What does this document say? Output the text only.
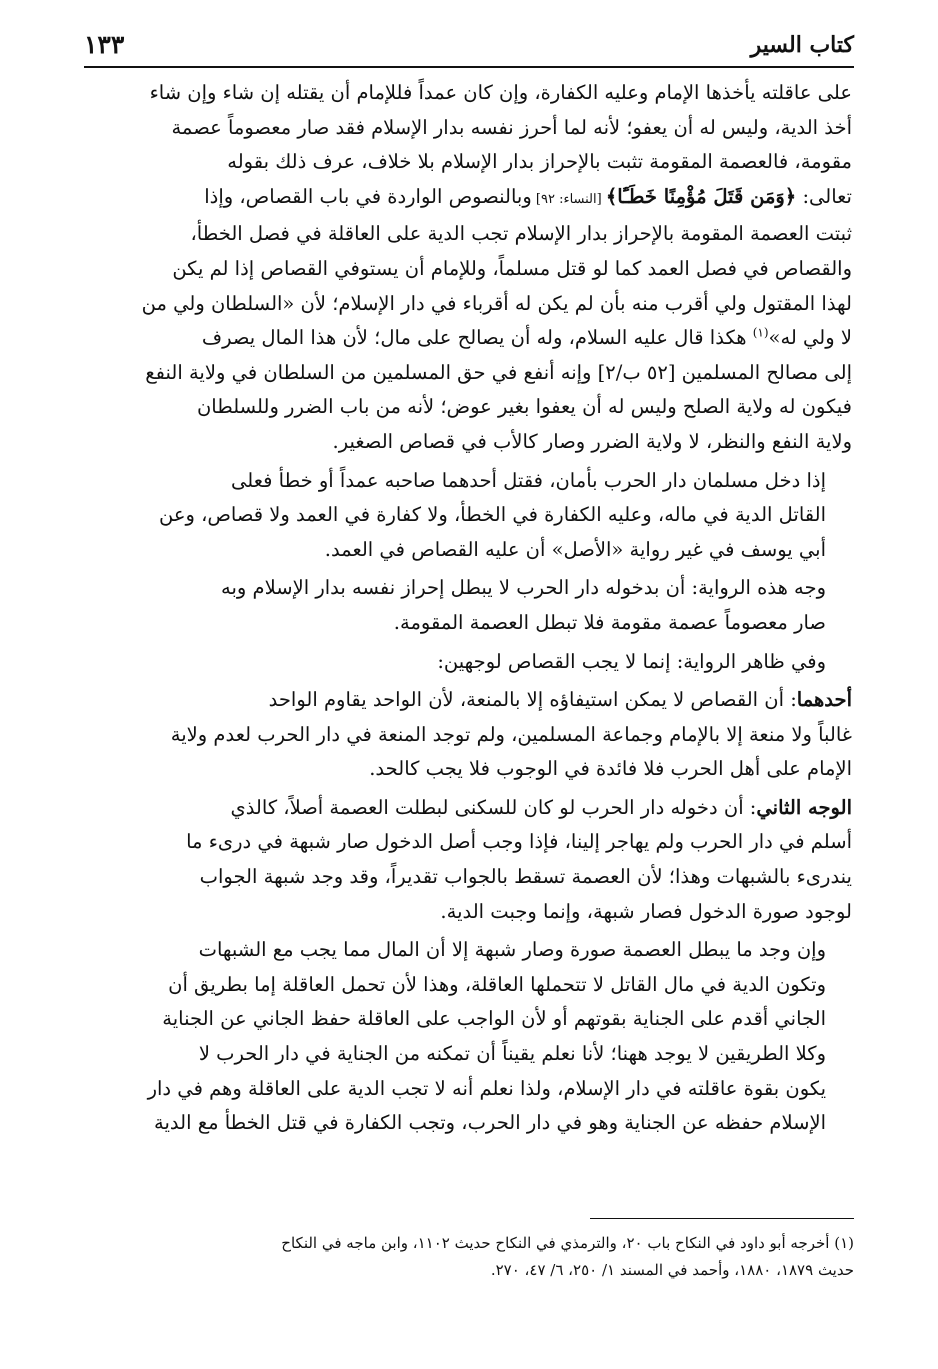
كتاب السير
١٣٣
على عاقلته يأخذها الإمام وعليه الكفارة، وإن كان عمداً فللإمام أن يقتله إن شاء وإن شاء
أخذ الدية، وليس له أن يعفو؛ لأنه لما أحرز نفسه بدار الإسلام فقد صار معصوماً عصمة
مقومة، فالعصمة المقومة تثبت بالإحراز بدار الإسلام بلا خلاف، عرف ذلك بقوله
تعالى: ﴿وَمَن قَتَلَ مُؤْمِنًا خَطَـًٔا﴾ [النساء: ٩٢] وبالنصوص الواردة في باب القصاص، وإذا
ثبتت العصمة المقومة بالإحراز بدار الإسلام تجب الدية على العاقلة في فصل الخطأ،
والقصاص في فصل العمد كما لو قتل مسلماً، وللإمام أن يستوفي القصاص إذا لم يكن
لهذا المقتول ولي أقرب منه بأن لم يكن له أقرباء في دار الإسلام؛ لأن «السلطان ولي من
لا ولي له»$^{(١)}$ هكذا قال عليه السلام، وله أن يصالح على مال؛ لأن هذا المال يصرف
إلى مصالح المسلمين [٥٢ ب/٢] وإنه أنفع في حق المسلمين من السلطان في ولاية النفع
فيكون له ولاية الصلح وليس له أن يعفوا بغير عوض؛ لأنه من باب الضرر وللسلطان
ولاية النفع والنظر، لا ولاية الضرر وصار كالأب في قصاص الصغير.
إذا دخل مسلمان دار الحرب بأمان، فقتل أحدهما صاحبه عمداً أو خطأ فعلى
القاتل الدية في ماله، وعليه الكفارة في الخطأ، ولا كفارة في العمد ولا قصاص، وعن
أبي يوسف في غير رواية «الأصل» أن عليه القصاص في العمد.
وجه هذه الرواية: أن بدخوله دار الحرب لا يبطل إحراز نفسه بدار الإسلام وبه
صار معصوماً عصمة مقومة فلا تبطل العصمة المقومة.
وفي ظاهر الرواية: إنما لا يجب القصاص لوجهين:
أحدهما: أن القصاص لا يمكن استيفاؤه إلا بالمنعة، لأن الواحد يقاوم الواحد
غالباً ولا منعة إلا بالإمام وجماعة المسلمين، ولم توجد المنعة في دار الحرب لعدم ولاية
الإمام على أهل الحرب فلا فائدة في الوجوب فلا يجب كالحد.
الوجه الثاني: أن دخوله دار الحرب لو كان للسكنى لبطلت العصمة أصلاً، كالذي
أسلم في دار الحرب ولم يهاجر إلينا، فإذا وجب أصل الدخول صار شبهة في درىء ما
يندرىء بالشبهات وهذا؛ لأن العصمة تسقط بالجواب تقديراً، وقد وجد شبهة الجواب
لوجود صورة الدخول فصار شبهة، وإنما وجبت الدية.
وإن وجد ما يبطل العصمة صورة وصار شبهة إلا أن المال مما يجب مع الشبهات
وتكون الدية في مال القاتل لا تتحملها العاقلة، وهذا لأن تحمل العاقلة إما بطريق أن
الجاني أقدم على الجناية بقوتهم أو لأن الواجب على العاقلة حفظ الجاني عن الجناية
وكلا الطريقين لا يوجد ههنا؛ لأنا نعلم يقيناً أن تمكنه من الجناية في دار الحرب لا
يكون بقوة عاقلته في دار الإسلام، ولذا نعلم أنه لا تجب الدية على العاقلة وهم في دار
الإسلام حفظه عن الجناية وهو في دار الحرب، وتجب الكفارة في قتل الخطأ مع الدية
(١) أخرجه أبو داود في النكاح باب ٢٠، والترمذي في النكاح حديث ١١٠٢، وابن ماجه في النكاح
حديث ١٨٧٩، ١٨٨٠، وأحمد في المسند ١/ ٢٥٠، ٦/ ٤٧، ٢٧٠.
